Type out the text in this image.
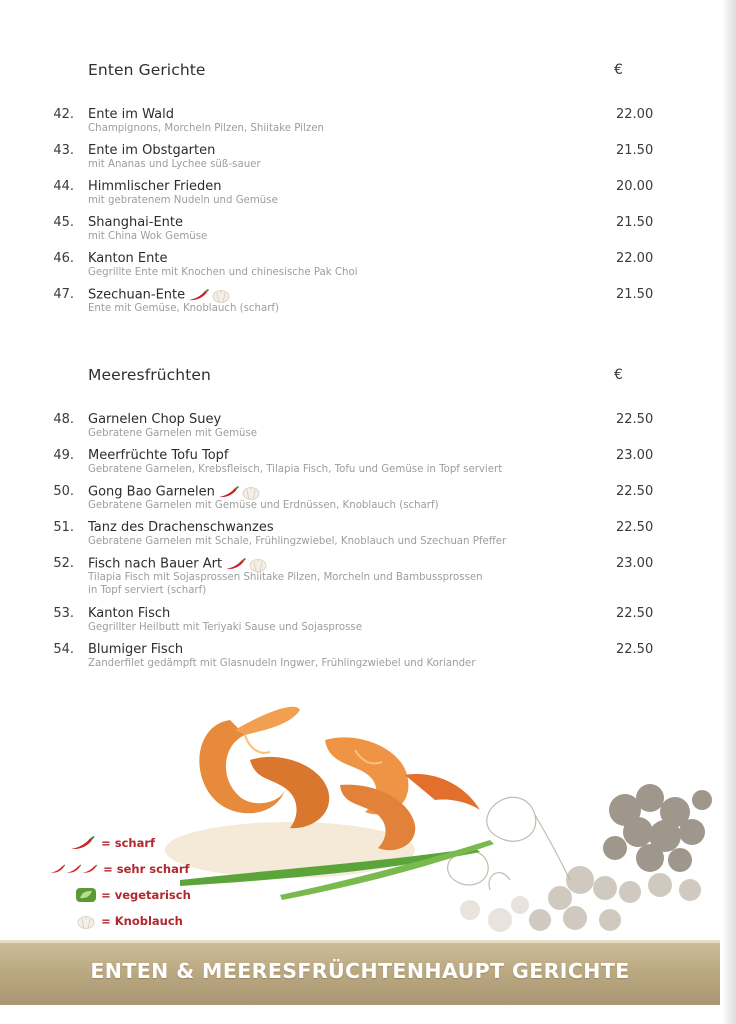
Enten Gerichte	€
42. Ente im Wald
Champignons, Morcheln Pilzen, Shiitake Pilzen
22.00
43. Ente im Obstgarten
mit Ananas und Lychee süß-sauer
21.50
44. Himmlischer Frieden
mit gebratenem Nudeln und Gemüse
20.00
45. Shanghai-Ente
mit China Wok Gemüse
21.50
46. Kanton Ente
Gegrillte Ente mit Knochen und chinesische Pak Choi
22.00
47. Szechuan-Ente
Ente mit Gemüse, Knoblauch (scharf)
21.50
Meeresfrüchten	€
48. Garnelen Chop Suey
Gebratene Garnelen mit Gemüse
22.50
49. Meerfrüchte Tofu Topf
Gebratene Garnelen, Krebsfleisch, Tilapia Fisch, Tofu und Gemüse in Topf serviert
23.00
50. Gong Bao Garnelen
Gebratene Garnelen mit Gemüse und Erdnüssen, Knoblauch (scharf)
22.50
51. Tanz des Drachenschwanzes
Gebratene Garnelen mit Schale, Frühlingzwiebel, Knoblauch und Szechuan Pfeffer
22.50
52. Fisch nach Bauer Art
Tilapia Fisch mit Sojasprossen Shiitake Pilzen, Morcheln und Bambussprossen
in Topf serviert (scharf)
23.00
53. Kanton Fisch
Gegrillter Heilbutt mit Teriyaki Sause und Sojasprosse
22.50
54. Blumiger Fisch
Zanderfilet gedämpft mit Glasnudeln Ingwer, Frühlingzwiebel und Koriander
22.50
= scharf
= sehr scharf
= vegetarisch
= Knoblauch
ENTEN & MEERESFRÜCHTENHAUPT GERICHTE
